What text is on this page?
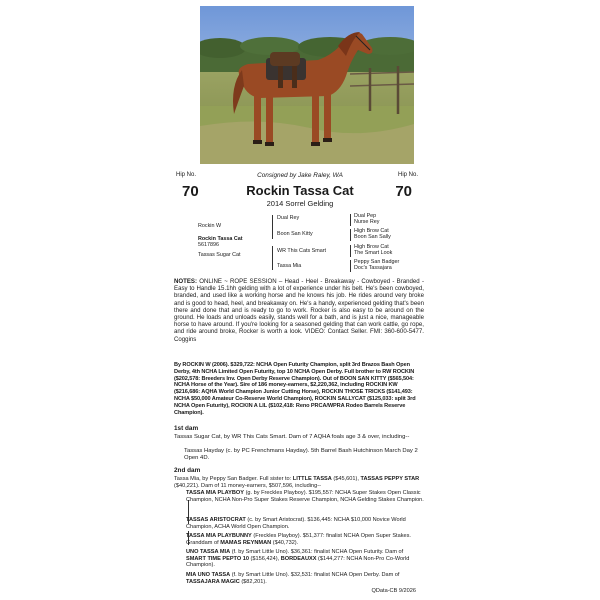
Hip No.	Hip No.
Consigned by Jake Raley, WA
70	70
Rockin Tassa Cat
2014 Sorrel Gelding
Rockin W
Rockin Tassa Cat
5617896
Tassas Sugar Cat
Dual Rey
Boon San Kitty
WR This Cats Smart
Tassa Mia
Dual Pep
Nurse Rey
High Brow Cat
Boon San Sally
High Brow Cat
The Smart Look
Peppy San Badger
Doc's Tassajara
NOTES: ONLINE ~ ROPE SESSION – Head - Heel - Breakaway - Cowboyed - Branded - Easy to Handle 15.1hh gelding with a lot of experience under his belt. He's been cowboyed, branded, and used like a working horse and he knows his job. He rides around very broke and is good to head, heel, and breakaway on. He's a handy, experienced gelding that's been there and done that and is ready to go to work. Rocker is also easy to be around on the ground. He loads and unloads easily, stands well for a bath, and is just a nice, manageable horse to have around. If you're looking for a seasoned gelding that can work cattle, go rope, and ride around broke, Rocker is worth a look. VIDEO: Contact Seller. FMI: 360-600-5477. Coggins
By ROCKIN W (2006). $329,722: NCHA Open Futurity Champion, split 3rd Brazos Bash Open Derby, 4th NCHA Limited Open Futurity, top 10 NCHA Open Derby. Full brother to RW ROCKIN ($202,578: Breeders Inv. Open Derby Reserve Champion). Out of BOON SAN KITTY ($565,504: NCHA Horse of the Year). Sire of 186 money-earners, $2,220,362, including ROCKIN KW ($216,686: AQHA World Champion Junior Cutting Horse), ROCKIN THOSE TRICKS ($141,493: NCHA $50,000 Amateur Co-Reserve World Champion), ROCKIN SALLYCAT ($125,033: split 3rd NCHA Open Futurity), ROCKIN A LIL ($102,418: Reno PRCA/WPRA Rodeo Barrels Reserve Champion).
1st dam
Tassas Sugar Cat, by WR This Cats Smart. Dam of 7 AQHA foals age 3 & over, including--
Tassas Hayday (c. by PC Frenchmans Hayday). 5th Barrel Bash Hutchinson March Day 2 Open 4D.
2nd dam
Tassa Mia, by Peppy San Badger. Full sister to: LITTLE TASSA ($45,601), TASSAS PEPPY STAR ($40,221). Dam of 11 money-earners, $507,596, including--
TASSA MIA PLAYBOY (g. by Freckles Playboy). $195,557: NCHA Super Stakes Open Classic Champion, NCHA Non-Pro Super Stakes Reserve Champion, NCHA Gelding Stakes Champion.
TASSAS ARISTOCRAT (c. by Smart Aristocrat). $136,445: NCHA $10,000 Novice World Champion, ACHA World Open Champion.
TASSA MIA PLAYBUNNY (Freckles Playboy). $51,377: finalist NCHA Open Super Stakes. Granddam of MAMAS REYNMAN ($40,732).
UNO TASSA MIA (f. by Smart Little Uno). $36,361: finalist NCHA Open Futurity. Dam of SMART TIME PEPTO 10 ($156,424), BORDEAUXX ($144,277: NCHA Non-Pro Co-World Champion).
MIA UNO TASSA (f. by Smart Little Uno). $32,531: finalist NCHA Open Derby. Dam of TASSAJARA MAGIC ($82,201).
QData-CB 9/2026
